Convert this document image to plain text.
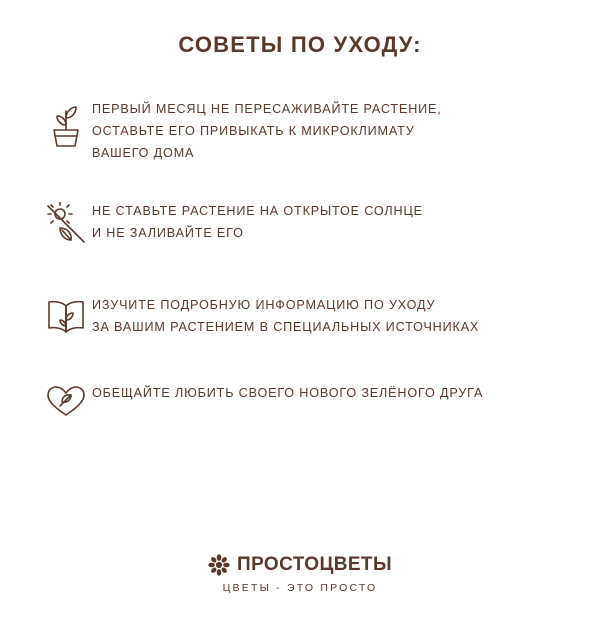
СОВЕТЫ ПО УХОДУ:
ПЕРВЫЙ МЕСЯЦ НЕ ПЕРЕСАЖИВАЙТЕ РАСТЕНИЕ,
ОСТАВЬТЕ ЕГО ПРИВЫКАТЬ К МИКРОКЛИМАТУ
ВАШЕГО ДОМА
НЕ СТАВЬТЕ РАСТЕНИЕ НА ОТКРЫТОЕ СОЛНЦЕ
И НЕ ЗАЛИВАЙТЕ ЕГО
ИЗУЧИТЕ ПОДРОБНУЮ ИНФОРМАЦИЮ ПО УХОДУ
ЗА ВАШИМ РАСТЕНИЕМ В СПЕЦИАЛЬНЫХ ИСТОЧНИКАХ
ОБЕЩАЙТЕ ЛЮБИТЬ СВОЕГО НОВОГО ЗЕЛЁНОГО ДРУГА
ПРОСТОЦВЕТЫ
ЦВЕТЫ - ЭТО ПРОСТО
